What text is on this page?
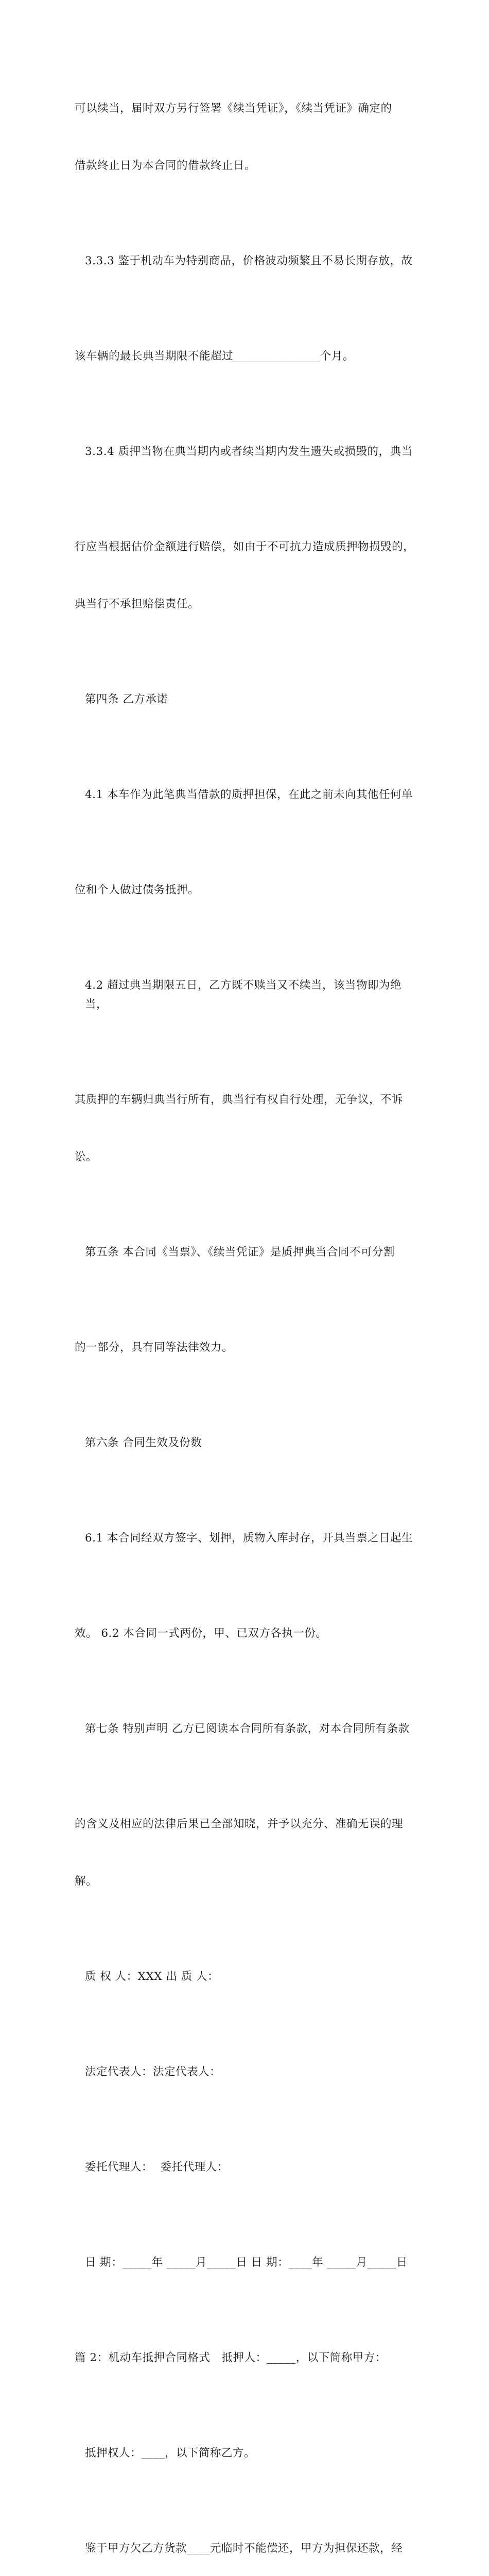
可以续当，届时双方另行签署《续当凭证》，《续当凭证》确定的

借款终止日为本合同的借款终止日。

3.3.3 鉴于机动车为特别商品，价格波动频繁且不易长期存放，故

该车辆的最长典当期限不能超过_______________个月。

3.3.4 质押当物在典当期内或者续当期内发生遗失或损毁的，典当

行应当根据估价金额进行赔偿，如由于不可抗力造成质押物损毁的，

典当行不承担赔偿责任。

第四条 乙方承诺

4.1 本车作为此笔典当借款的质押担保，在此之前未向其他任何单

位和个人做过债务抵押。

4.2 超过典当期限五日，乙方既不赎当又不续当，该当物即为绝当，

其质押的车辆归典当行所有，典当行有权自行处理，无争议，不诉

讼。

第五条 本合同《当票》、《续当凭证》是质押典当合同不可分割

的一部分，具有同等法律效力。

第六条 合同生效及份数

6.1 本合同经双方签字、划押，质物入库封存，开具当票之日起生

效。 6.2 本合同一式两份，甲、已双方各执一份。

第七条 特别声明 乙方已阅读本合同所有条款，对本合同所有条款

的含义及相应的法律后果已全部知晓，并予以充分、准确无误的理

解。

质 权 人：XXX 出 质 人：

法定代表人：法定代表人：

委托代理人：  委托代理人：

日 期：_____年 _____月_____日 日 期：____年 _____月_____日

篇 2：机动车抵押合同格式   抵押人：_____，以下简称甲方：

抵押权人：____，以下简称乙方。

鉴于甲方欠乙方货款____元临时不能偿还，甲方为担保还款，经
